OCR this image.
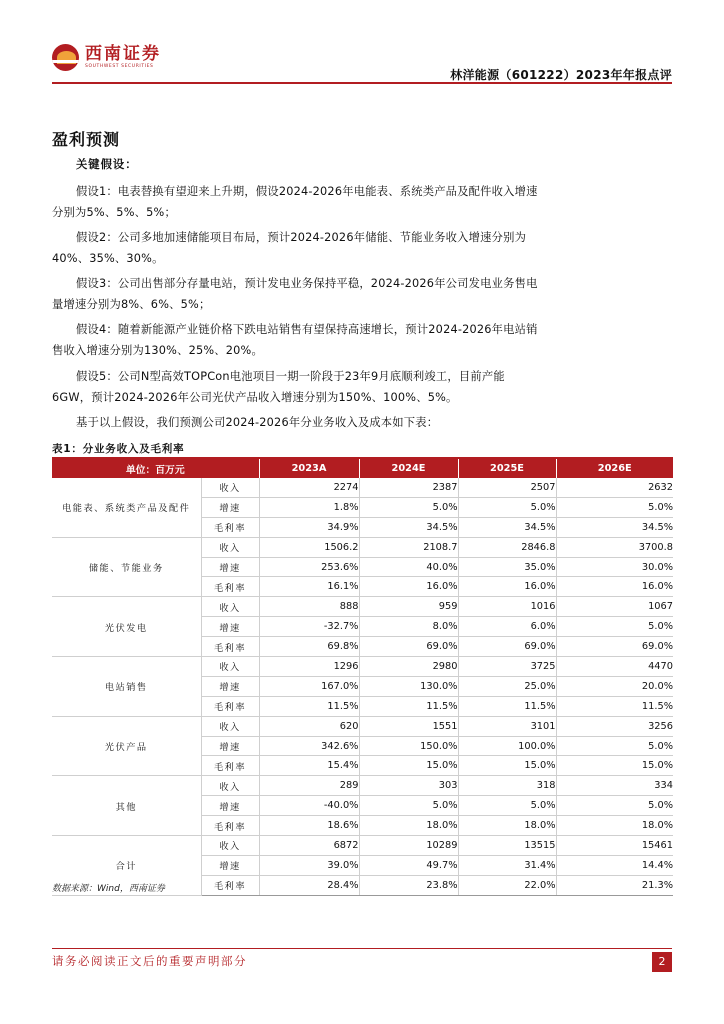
西南证券
SOUTHWEST SECURITIES
林洋能源（601222）2023年年报点评
盈利预测
关键假设：
假设1：电表替换有望迎来上升期，假设2024-2026年电能表、系统类产品及配件收入增速分别为5%、5%、5%；
假设2：公司多地加速储能项目布局，预计2024-2026年储能、节能业务收入增速分别为40%、35%、30%。
假设3：公司出售部分存量电站，预计发电业务保持平稳，2024-2026年公司发电业务售电量增速分别为8%、6%、5%；
假设4：随着新能源产业链价格下跌电站销售有望保持高速增长，预计2024-2026年电站销售收入增速分别为130%、25%、20%。
假设5：公司N型高效TOPCon电池项目一期一阶段于23年9月底顺利竣工，目前产能6GW，预计2024-2026年公司光伏产品收入增速分别为150%、100%、5%。
基于以上假设，我们预测公司2024-2026年分业务收入及成本如下表：
表1：分业务收入及毛利率
单位：百万元		2023A	2024E	2025E	2026E
电能表、系统类产品及配件	收入	2274	2387	2507	2632
	增速	1.8%	5.0%	5.0%	5.0%
	毛利率	34.9%	34.5%	34.5%	34.5%
储能、节能业务	收入	1506.2	2108.7	2846.8	3700.8
	增速	253.6%	40.0%	35.0%	30.0%
	毛利率	16.1%	16.0%	16.0%	16.0%
光伏发电	收入	888	959	1016	1067
	增速	-32.7%	8.0%	6.0%	5.0%
	毛利率	69.8%	69.0%	69.0%	69.0%
电站销售	收入	1296	2980	3725	4470
	增速	167.0%	130.0%	25.0%	20.0%
	毛利率	11.5%	11.5%	11.5%	11.5%
光伏产品	收入	620	1551	3101	3256
	增速	342.6%	150.0%	100.0%	5.0%
	毛利率	15.4%	15.0%	15.0%	15.0%
其他	收入	289	303	318	334
	增速	-40.0%	5.0%	5.0%	5.0%
	毛利率	18.6%	18.0%	18.0%	18.0%
合计	收入	6872	10289	13515	15461
	增速	39.0%	49.7%	31.4%	14.4%
	毛利率	28.4%	23.8%	22.0%	21.3%
数据来源：Wind，西南证券
请务必阅读正文后的重要声明部分	2
